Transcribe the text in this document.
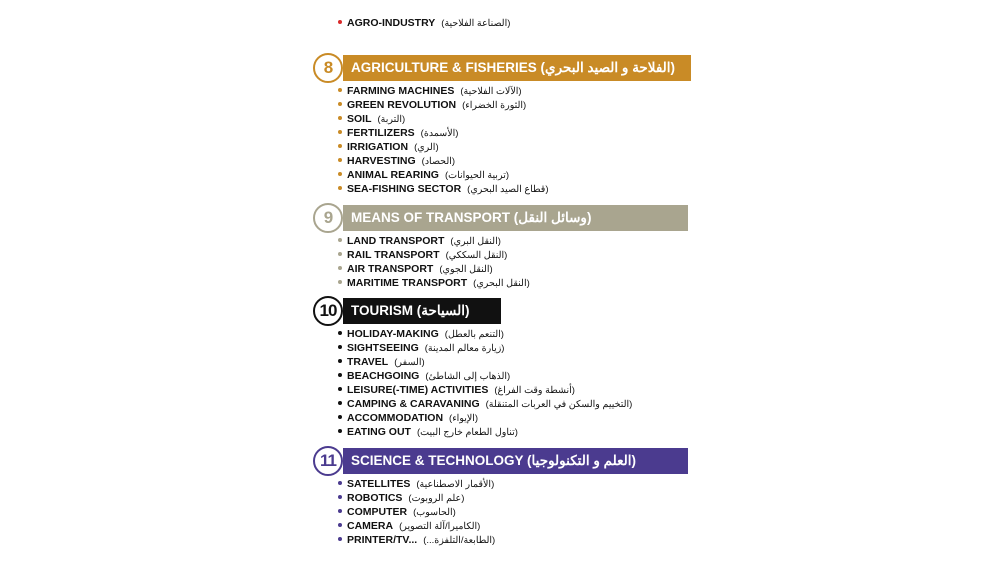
AGRO-INDUSTRY (الصناعة الفلاحية)
8	AGRICULTURE & FISHERIES (الفلاحة و الصيد البحري)
FARMING MACHINES (الآلات الفلاحية)
GREEN REVOLUTION (الثورة الخضراء)
SOIL (التربة)
FERTILIZERS (الأسمدة)
IRRIGATION (الري)
HARVESTING (الحصاد)
ANIMAL REARING (تربية الحيوانات)
SEA-FISHING SECTOR (قطاع الصيد البحري)
9	MEANS OF TRANSPORT (وسائل النقل)
LAND TRANSPORT (النقل البري)
RAIL TRANSPORT (النقل السككي)
AIR TRANSPORT (النقل الجوي)
MARITIME TRANSPORT (النقل البحري)
10	TOURISM (السياحة)
HOLIDAY-MAKING (التنعم بالعطل)
SIGHTSEEING (زيارة معالم المدينة)
TRAVEL (السفر)
BEACHGOING (الذهاب إلى الشاطئ)
LEISURE(-TIME) ACTIVITIES (أنشطة وقت الفراغ)
CAMPING & CARAVANING (التخييم والسكن في العربات المتنقلة)
ACCOMMODATION (الإيواء)
EATING OUT (تناول الطعام خارج البيت)
11	SCIENCE & TECHNOLOGY (العلم و التكنولوجيا)
SATELLITES (الأقمار الاصطناعية)
ROBOTICS (علم الروبوت)
COMPUTER (الحاسوب)
CAMERA (الكاميرا/آلة التصوير)
PRINTER/TV... (الطابعة/التلفزة...)
